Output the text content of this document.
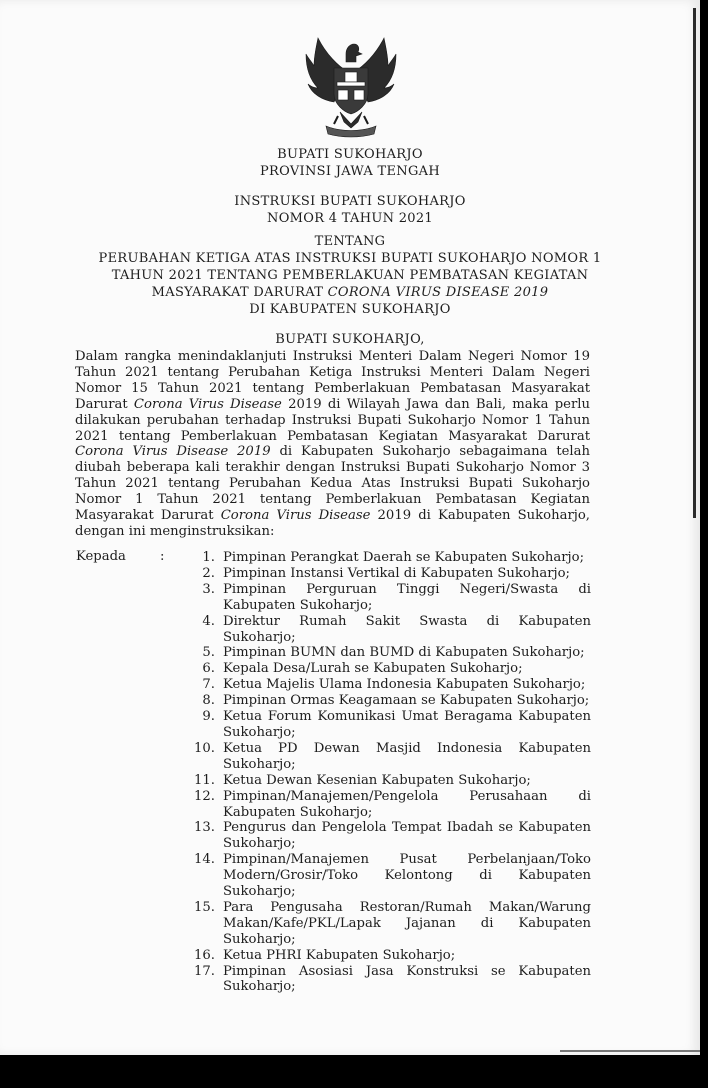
BUPATI SUKOHARJO
PROVINSI JAWA TENGAH
INSTRUKSI BUPATI SUKOHARJO
NOMOR 4 TAHUN 2021
TENTANG
PERUBAHAN KETIGA ATAS INSTRUKSI BUPATI SUKOHARJO NOMOR 1
TAHUN 2021 TENTANG PEMBERLAKUAN PEMBATASAN KEGIATAN
MASYARAKAT DARURAT CORONA VIRUS DISEASE 2019
DI KABUPATEN SUKOHARJO
BUPATI SUKOHARJO,
Dalam rangka menindaklanjuti Instruksi Menteri Dalam Negeri Nomor 19 Tahun 2021 tentang Perubahan Ketiga Instruksi Menteri Dalam Negeri Nomor 15 Tahun 2021 tentang Pemberlakuan Pembatasan Masyarakat Darurat Corona Virus Disease 2019 di Wilayah Jawa dan Bali, maka perlu dilakukan perubahan terhadap Instruksi Bupati Sukoharjo Nomor 1 Tahun 2021 tentang Pemberlakuan Pembatasan Kegiatan Masyarakat Darurat Corona Virus Disease 2019 di Kabupaten Sukoharjo sebagaimana telah diubah beberapa kali terakhir dengan Instruksi Bupati Sukoharjo Nomor 3 Tahun 2021 tentang Perubahan Kedua Atas Instruksi Bupati Sukoharjo Nomor 1 Tahun 2021 tentang Pemberlakuan Pembatasan Kegiatan Masyarakat Darurat Corona Virus Disease 2019 di Kabupaten Sukoharjo, dengan ini menginstruksikan:
Kepada	:	1. Pimpinan Perangkat Daerah se Kabupaten Sukoharjo;
2. Pimpinan Instansi Vertikal di Kabupaten Sukoharjo;
3. Pimpinan Perguruan Tinggi Negeri/Swasta di Kabupaten Sukoharjo;
4. Direktur Rumah Sakit Swasta di Kabupaten Sukoharjo;
5. Pimpinan BUMN dan BUMD di Kabupaten Sukoharjo;
6. Kepala Desa/Lurah se Kabupaten Sukoharjo;
7. Ketua Majelis Ulama Indonesia Kabupaten Sukoharjo;
8. Pimpinan Ormas Keagamaan se Kabupaten Sukoharjo;
9. Ketua Forum Komunikasi Umat Beragama Kabupaten Sukoharjo;
10. Ketua PD Dewan Masjid Indonesia Kabupaten Sukoharjo;
11. Ketua Dewan Kesenian Kabupaten Sukoharjo;
12. Pimpinan/Manajemen/Pengelola Perusahaan di Kabupaten Sukoharjo;
13. Pengurus dan Pengelola Tempat Ibadah se Kabupaten Sukoharjo;
14. Pimpinan/Manajemen Pusat Perbelanjaan/Toko Modern/Grosir/Toko Kelontong di Kabupaten Sukoharjo;
15. Para Pengusaha Restoran/Rumah Makan/Warung Makan/Kafe/PKL/Lapak Jajanan di Kabupaten Sukoharjo;
16. Ketua PHRI Kabupaten Sukoharjo;
17. Pimpinan Asosiasi Jasa Konstruksi se Kabupaten Sukoharjo;
